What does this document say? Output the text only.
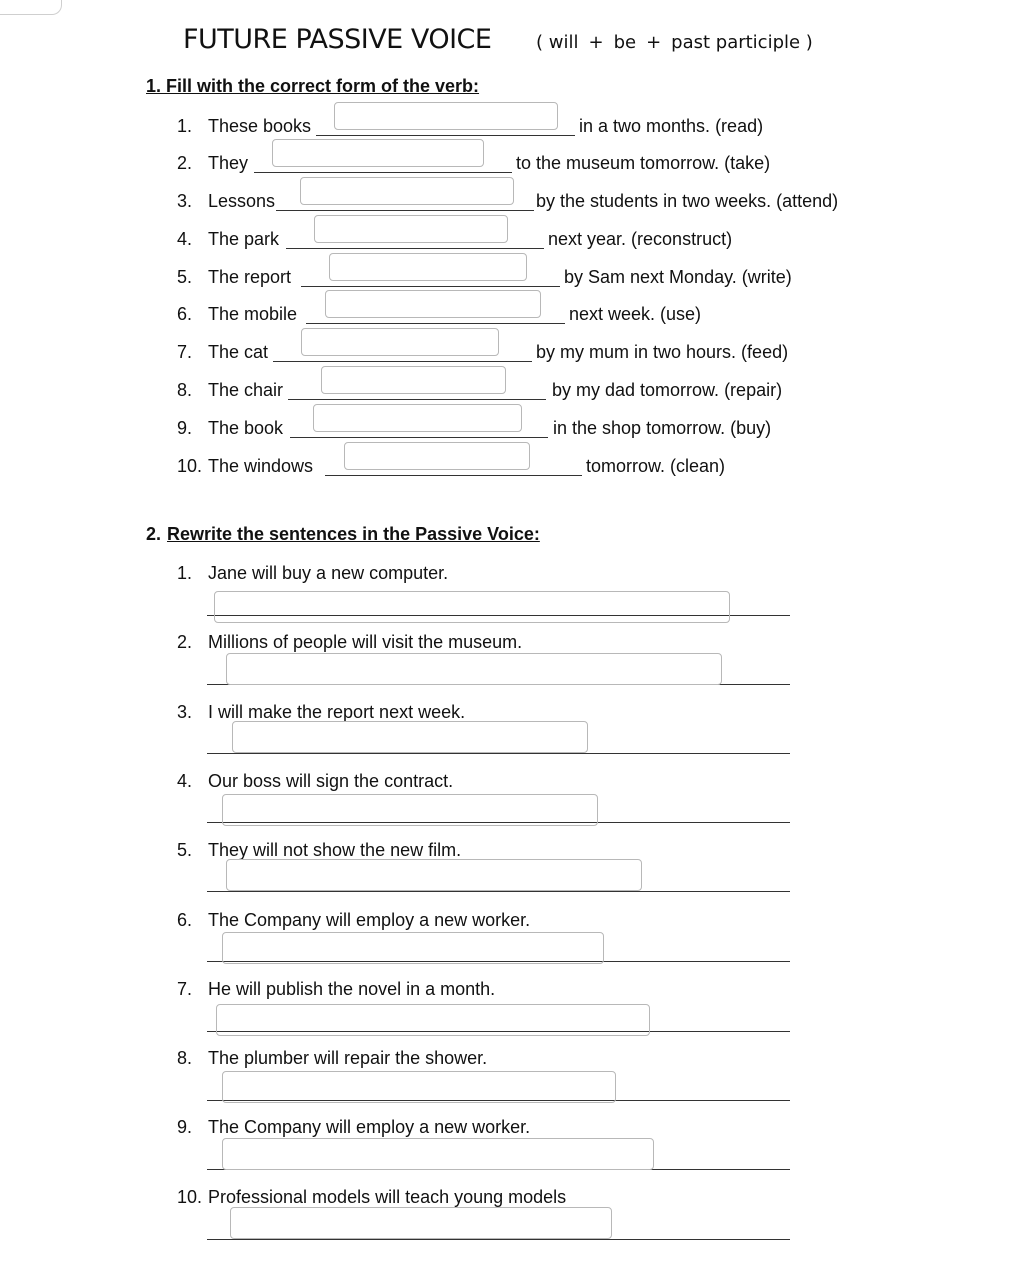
FUTURE PASSIVE VOICE ( will + be + past participle )
1. Fill with the correct form of the verb:
1. These books	in a two months. (read)
2. They	to the museum tomorrow. (take)
3. Lessons	by the students in two weeks. (attend)
4. The park	next year. (reconstruct)
5. The report	by Sam next Monday. (write)
6. The mobile	next week. (use)
7. The cat	by my mum in two hours. (feed)
8. The chair	by my dad tomorrow. (repair)
9. The book	in the shop tomorrow. (buy)
10. The windows	tomorrow. (clean)
2. Rewrite the sentences in the Passive Voice:
1. Jane will buy a new computer.
2. Millions of people will visit the museum.
3. I will make the report next week.
4. Our boss will sign the contract.
5. They will not show the new film.
6. The Company will employ a new worker.
7. He will publish the novel in a month.
8. The plumber will repair the shower.
9. The Company will employ a new worker.
10. Professional models will teach young models
